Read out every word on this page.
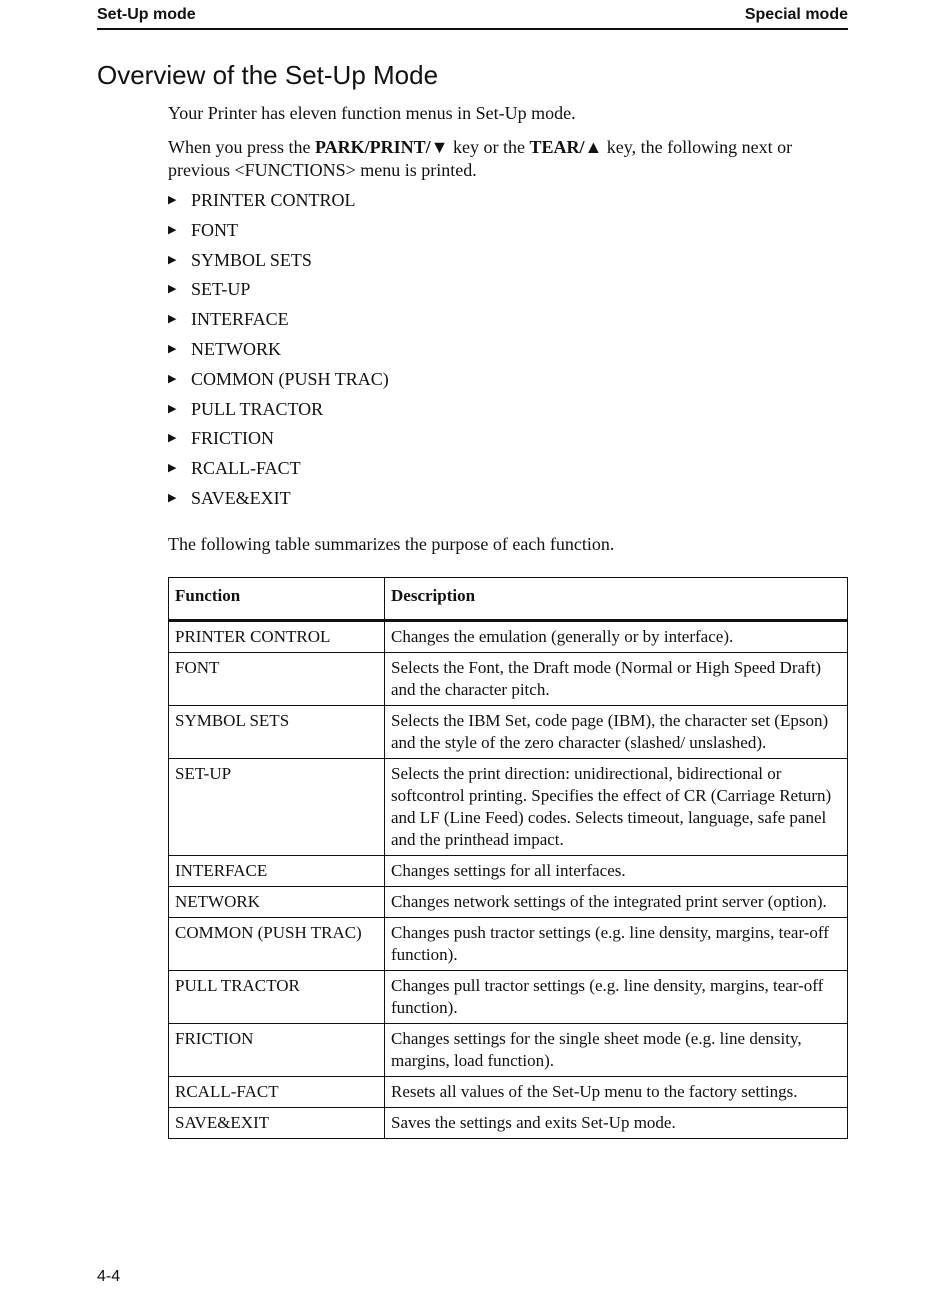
Set-Up mode	Special mode
Overview of the Set-Up Mode
Your Printer has eleven function menus in Set-Up mode.
When you press the PARK/PRINT/▼ key or the TEAR/▲ key, the following next or previous <FUNCTIONS> menu is printed.
▶ PRINTER CONTROL
▶ FONT
▶ SYMBOL SETS
▶ SET-UP
▶ INTERFACE
▶ NETWORK
▶ COMMON (PUSH TRAC)
▶ PULL TRACTOR
▶ FRICTION
▶ RCALL-FACT
▶ SAVE&EXIT
The following table summarizes the purpose of each function.
Function	Description
PRINTER CONTROL	Changes the emulation (generally or by interface).
FONT	Selects the Font, the Draft mode (Normal or High Speed Draft) and the character pitch.
SYMBOL SETS	Selects the IBM Set, code page (IBM), the character set (Epson) and the style of the zero character (slashed/ unslashed).
SET-UP	Selects the print direction: unidirectional, bidirectional or softcontrol printing. Specifies the effect of CR (Carriage Return) and LF (Line Feed) codes. Selects timeout, language, safe panel and the printhead impact.
INTERFACE	Changes settings for all interfaces.
NETWORK	Changes network settings of the integrated print server (option).
COMMON (PUSH TRAC)	Changes push tractor settings (e.g. line density, margins, tear-off function).
PULL TRACTOR	Changes pull tractor settings (e.g. line density, margins, tear-off function).
FRICTION	Changes settings for the single sheet mode (e.g. line density, margins, load function).
RCALL-FACT	Resets all values of the Set-Up menu to the factory settings.
SAVE&EXIT	Saves the settings and exits Set-Up mode.
4-4
